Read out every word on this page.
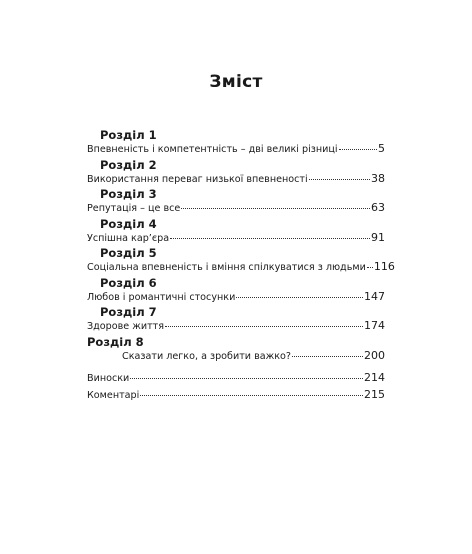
Зміст
Розділ 1
Впевненість і компетентність – дві великі різниці	5
Розділ 2
Використання переваг низької впевненості	38
Розділ 3
Репутація – це все	63
Розділ 4
Успішна кар’єра	91
Розділ 5
Соціальна впевненість і вміння спілкуватися з людьми 116
Розділ 6
Любов і романтичні стосунки	147
Розділ 7
Здорове життя	174
Розділ 8
Сказати легко, а зробити важко?	200
Виноски	214
Коментарі	215
